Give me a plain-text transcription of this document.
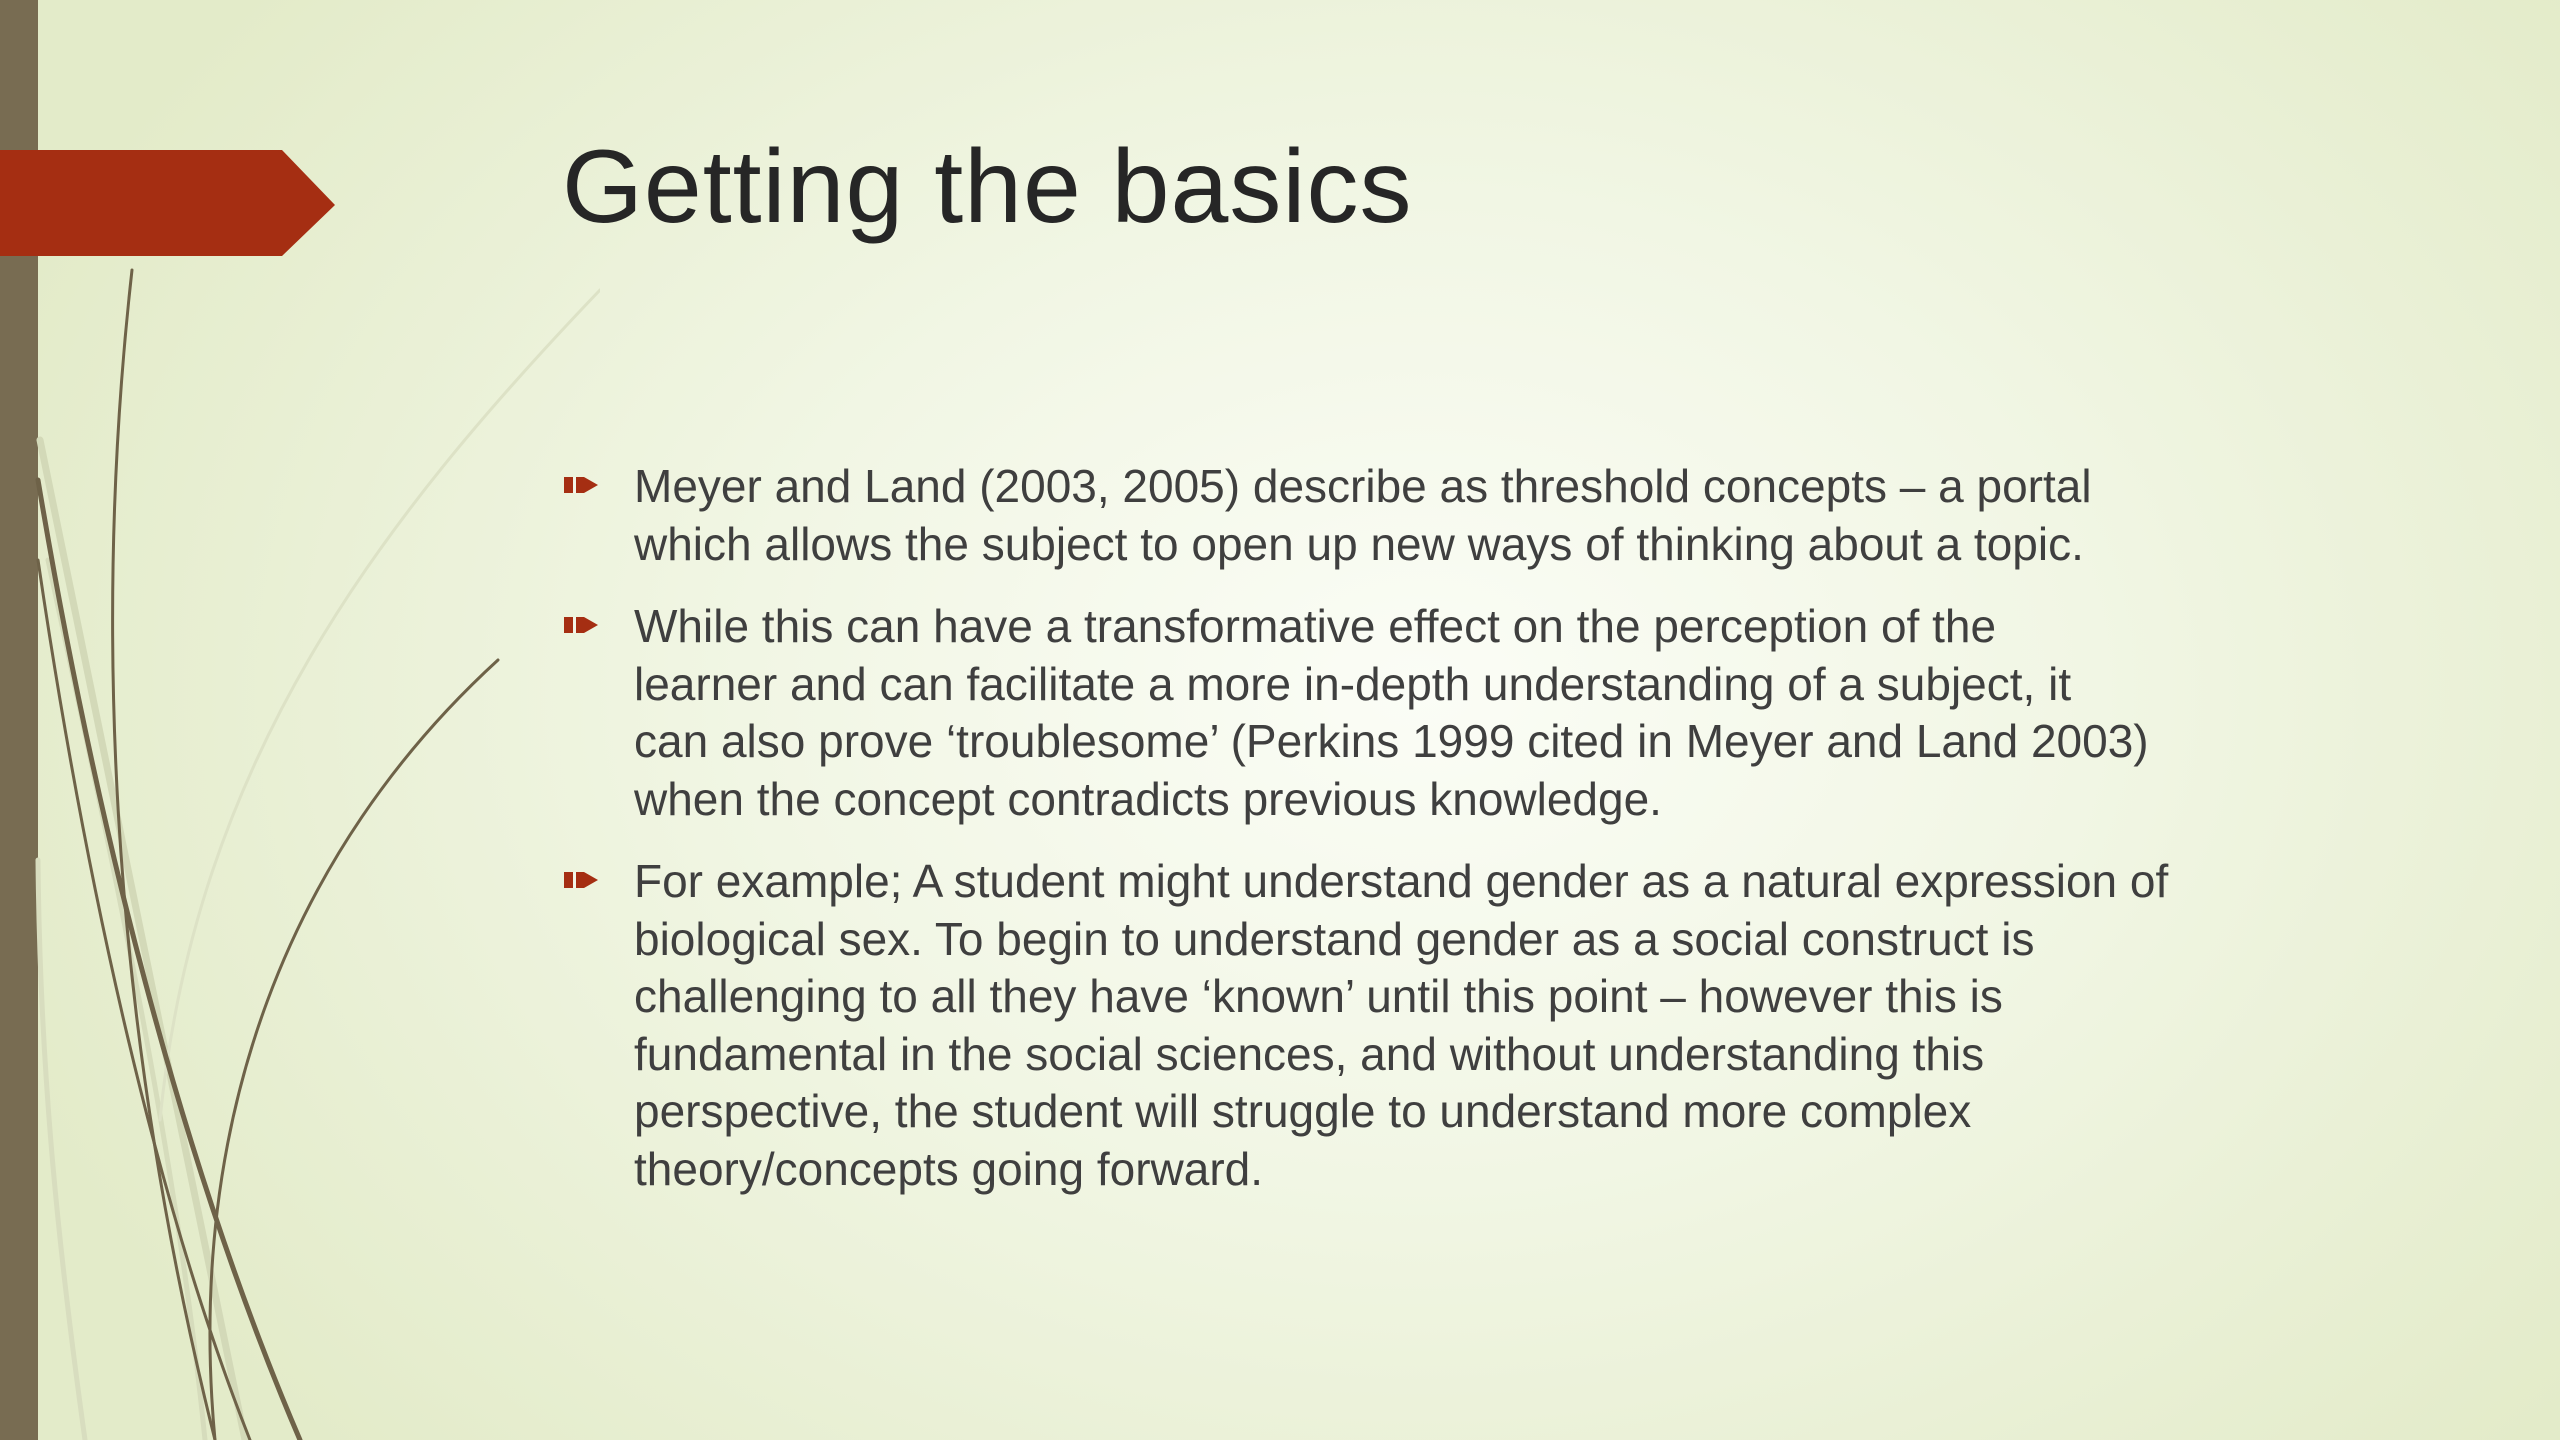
Getting the basics
Meyer and Land (2003, 2005) describe as threshold concepts – a portal
which allows the subject to open up new ways of thinking about a topic.
While this can have a transformative effect on the perception of the
learner and can facilitate a more in-depth understanding of a subject, it
can also prove ‘troublesome’ (Perkins 1999 cited in Meyer and Land 2003)
when the concept contradicts previous knowledge.
For example; A student might understand gender as a natural expression of
biological sex. To begin to understand gender as a social construct is
challenging to all they have ‘known’ until this point – however this is
fundamental in the social sciences, and without understanding this
perspective, the student will struggle to understand more complex
theory/concepts going forward.
